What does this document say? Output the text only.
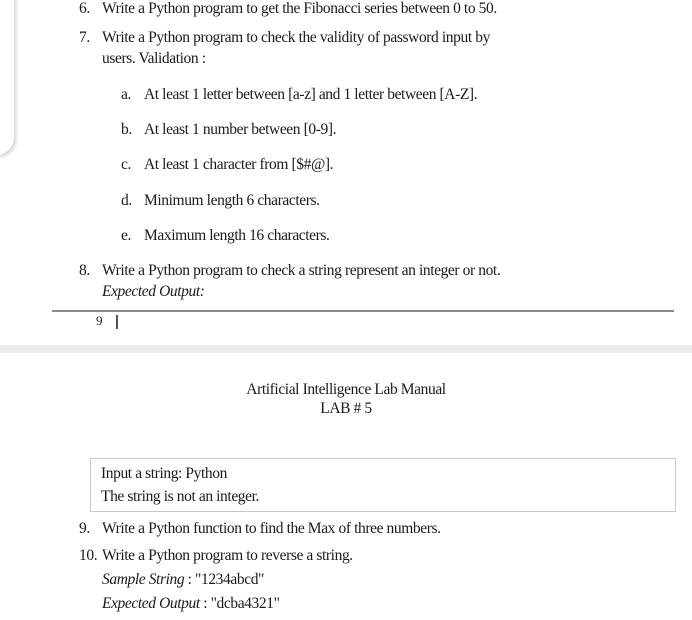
6. Write a Python program to get the Fibonacci series between 0 to 50.
7. Write a Python program to check the validity of password input by
users. Validation :
a. At least 1 letter between [a-z] and 1 letter between [A-Z].
b. At least 1 number between [0-9].
c. At least 1 character from [$#@].
d. Minimum length 6 characters.
e. Maximum length 16 characters.
8. Write a Python program to check a string represent an integer or not.
Expected Output:
9
Artificial Intelligence Lab Manual
LAB # 5
Input a string: Python
The string is not an integer.
9. Write a Python function to find the Max of three numbers.
10. Write a Python program to reverse a string.
Sample String : "1234abcd"
Expected Output : "dcba4321"
